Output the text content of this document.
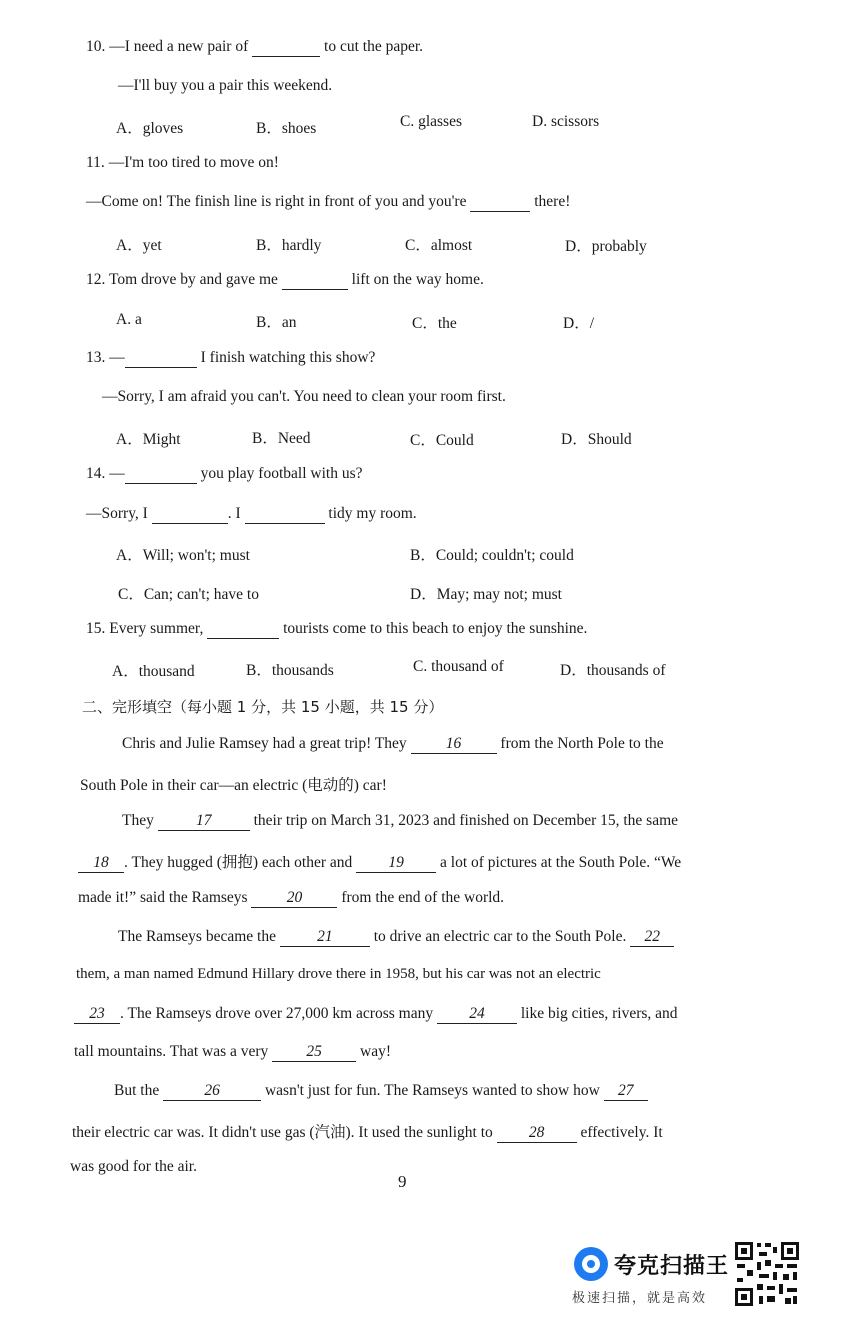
10. —I need a new pair of	to cut the paper.
—I'll buy you a pair this weekend.
A．gloves	B．shoes	C. glasses	D. scissors
11. —I'm too tired to move on!
—Come on! The finish line is right in front of you and you're	there!
A．yet	B．hardly	C．almost	D．probably
12. Tom drove by and gave me	lift on the way home.
A. a	B．an	C．the	D．/
13. —	I finish watching this show?
—Sorry, I am afraid you can't. You need to clean your room first.
A．Might	B．Need	C．Could	D．Should
14. —	you play football with us?
—Sorry, I	. I	tidy my room.
A．Will; won't; must	B．Could; couldn't; could
C．Can; can't; have to	D．May; may not; must
15. Every summer,	tourists come to this beach to enjoy the sunshine.
A．thousand	B．thousands	C. thousand of	D．thousands of
二、完形填空（每小题 1 分，共 15 小题，共 15 分）
Chris and Julie Ramsey had a great trip! They	16	from the North Pole to the
South Pole in their car—an electric (电动的) car!
They	17	their trip on March 31, 2023 and finished on December 15, the same
18 . They hugged (拥抱) each other and 19 a lot of pictures at the South Pole. “We
made it!” said the Ramseys	20	from the end of the world.
The Ramseys became the	21	to drive an electric car to the South Pole. 22
them, a man named Edmund Hillary drove there in 1958, but his car was not an electric
23 . The Ramseys drove over 27,000 km across many 24 like big cities, rivers, and
tall mountains. That was a very 25 way!
But the	26	wasn't just for fun. The Ramseys wanted to show how 27
their electric car was. It didn't use gas (汽油). It used the sunlight to 28 effectively. It
was good for the air.
9
夸克扫描王
极速扫描，就是高效
